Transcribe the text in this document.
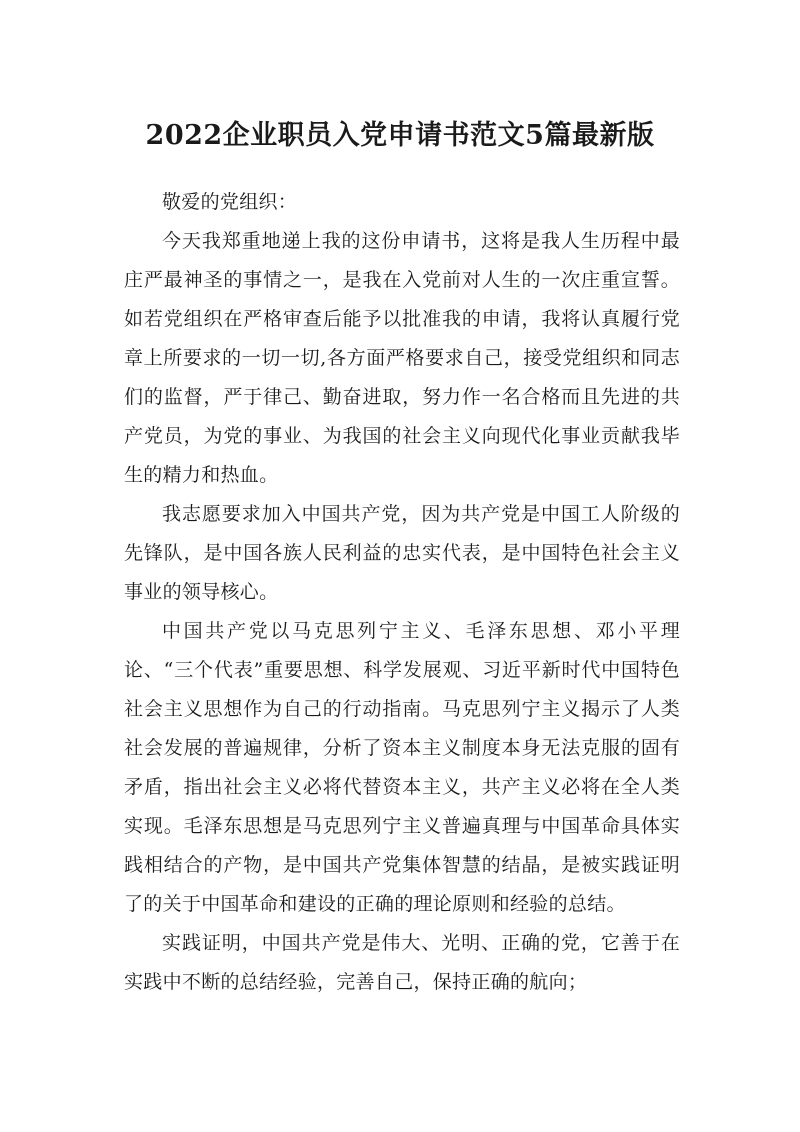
2022企业职员入党申请书范文5篇最新版

敬爱的党组织：

今天我郑重地递上我的这份申请书，这将是我人生历程中最庄严最神圣的事情之一，是我在入党前对人生的一次庄重宣誓。如若党组织在严格审查后能予以批准我的申请，我将认真履行党章上所要求的一切一切,各方面严格要求自己，接受党组织和同志们的监督，严于律己、勤奋进取，努力作一名合格而且先进的共产党员，为党的事业、为我国的社会主义向现代化事业贡献我毕生的精力和热血。

我志愿要求加入中国共产党，因为共产党是中国工人阶级的先锋队，是中国各族人民利益的忠实代表，是中国特色社会主义事业的领导核心。

中国共产党以马克思列宁主义、毛泽东思想、邓小平理论、“三个代表”重要思想、科学发展观、习近平新时代中国特色社会主义思想作为自己的行动指南。马克思列宁主义揭示了人类社会发展的普遍规律，分析了资本主义制度本身无法克服的固有矛盾，指出社会主义必将代替资本主义，共产主义必将在全人类实现。毛泽东思想是马克思列宁主义普遍真理与中国革命具体实践相结合的产物，是中国共产党集体智慧的结晶，是被实践证明了的关于中国革命和建设的正确的理论原则和经验的总结。

实践证明，中国共产党是伟大、光明、正确的党，它善于在实践中不断的总结经验，完善自己，保持正确的航向；
